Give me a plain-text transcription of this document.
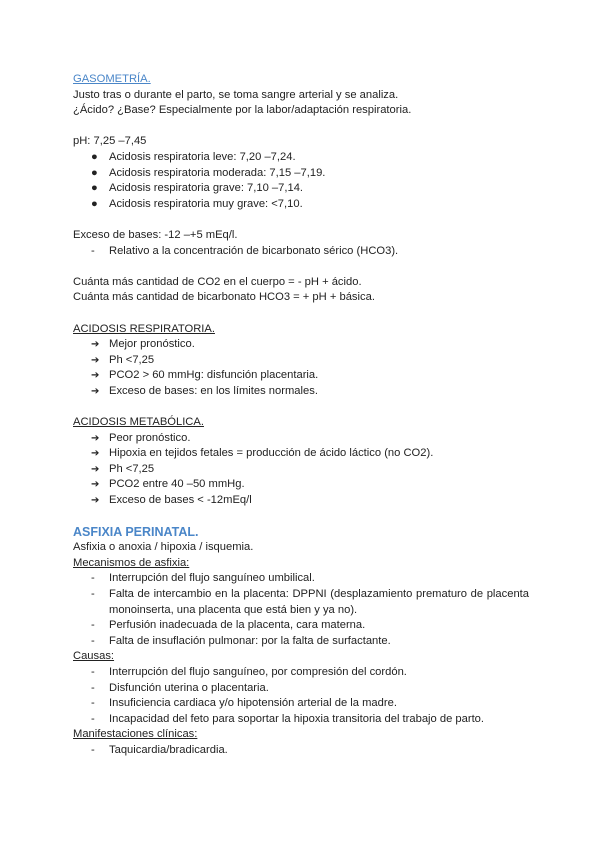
GASOMETRÍA.
Justo tras o durante el parto, se toma sangre arterial y se analiza.
¿Ácido? ¿Base? Especialmente por la labor/adaptación respiratoria.
pH: 7,25 –7,45
● Acidosis respiratoria leve: 7,20 –7,24.
● Acidosis respiratoria moderada: 7,15 –7,19.
● Acidosis respiratoria grave: 7,10 –7,14.
● Acidosis respiratoria muy grave: <7,10.
Exceso de bases: -12 –+5 mEq/l.
- Relativo a la concentración de bicarbonato sérico (HCO3).
Cuánta más cantidad de CO2 en el cuerpo = - pH + ácido.
Cuánta más cantidad de bicarbonato HCO3 = + pH + básica.
ACIDOSIS RESPIRATORIA.
➔ Mejor pronóstico.
➔ Ph <7,25
➔ PCO2 > 60 mmHg: disfunción placentaria.
➔ Exceso de bases: en los límites normales.
ACIDOSIS METABÓLICA.
➔ Peor pronóstico.
➔ Hipoxia en tejidos fetales = producción de ácido láctico (no CO2).
➔ Ph <7,25
➔ PCO2 entre 40 –50 mmHg.
➔ Exceso de bases < -12mEq/l
ASFIXIA PERINATAL.
Asfixia o anoxia / hipoxia / isquemia.
Mecanismos de asfixia:
- Interrupción del flujo sanguíneo umbilical.
- Falta de intercambio en la placenta: DPPNI (desplazamiento prematuro de placenta monoinserta, una placenta que está bien y ya no).
- Perfusión inadecuada de la placenta, cara materna.
- Falta de insuflación pulmonar: por la falta de surfactante.
Causas:
- Interrupción del flujo sanguíneo, por compresión del cordón.
- Disfunción uterina o placentaria.
- Insuficiencia cardiaca y/o hipotensión arterial de la madre.
- Incapacidad del feto para soportar la hipoxia transitoria del trabajo de parto.
Manifestaciones clínicas:
- Taquicardia/bradicardia.
